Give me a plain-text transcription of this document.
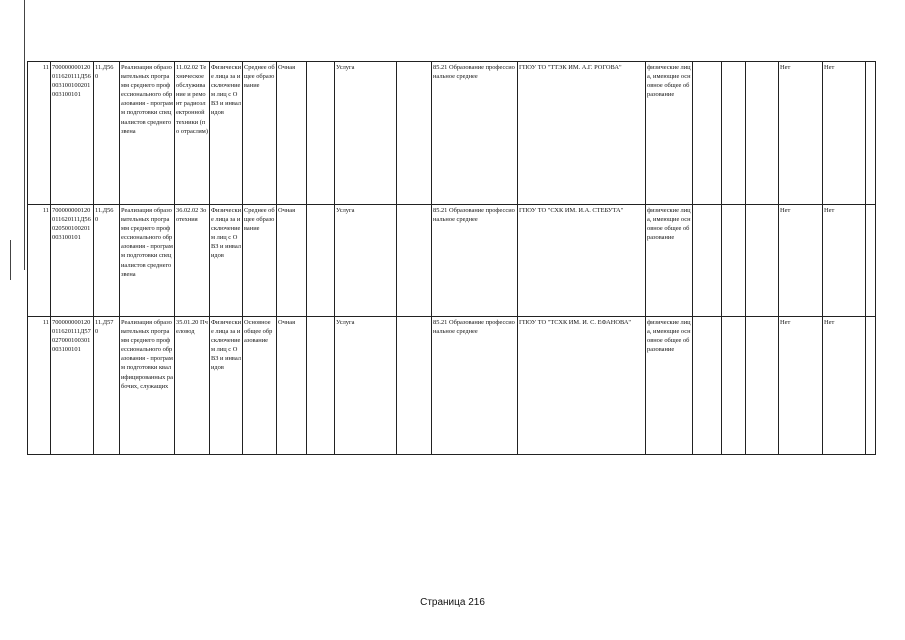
11	700000000120011620111Д56003100100201003100101	11.Д56 0	Реализация образовательных программ среднего профессионального образования - программ подготовки специалистов среднего звена	11.02.02 Техническое обслуживание и ремонт радиоэлектронной техники (по отраслям)	Физические лица за исключением лиц с ОВЗ и инвалидов	Среднее общее образование	Очная		Услуга		85.21 Образование профессиональное среднее	ГПОУ ТО "ТТЭК ИМ. А.Г. РОГОВА"	физические лица, имеющие основное общее образование				Нет	Нет	
11	700000000120011620111Д56020500100201003100101	11.Д56 0	Реализация образовательных программ среднего профессионального образования - программ подготовки специалистов среднего звена	36.02.02 Зоотехния	Физические лица за исключением лиц с ОВЗ и инвалидов	Среднее общее образование	Очная		Услуга		85.21 Образование профессиональное среднее	ГПОУ ТО "СХК ИМ. И.А. СТЕБУТА"	физические лица, имеющие основное общее образование				Нет	Нет	
11	700000000120011620111Д57027000100301003100101	11.Д57 0	Реализация образовательных программ среднего профессионального образования - программ подготовки квалифицированных рабочих, служащих	35.01.20 Пчеловод	Физические лица за исключением лиц с ОВЗ и инвалидов	Основное общее образование	Очная		Услуга		85.21 Образование профессиональное среднее	ГПОУ ТО "ТСХК ИМ. И. С. ЕФАНОВА"	физические лица, имеющие основное общее образование				Нет	Нет	
Страница 216
